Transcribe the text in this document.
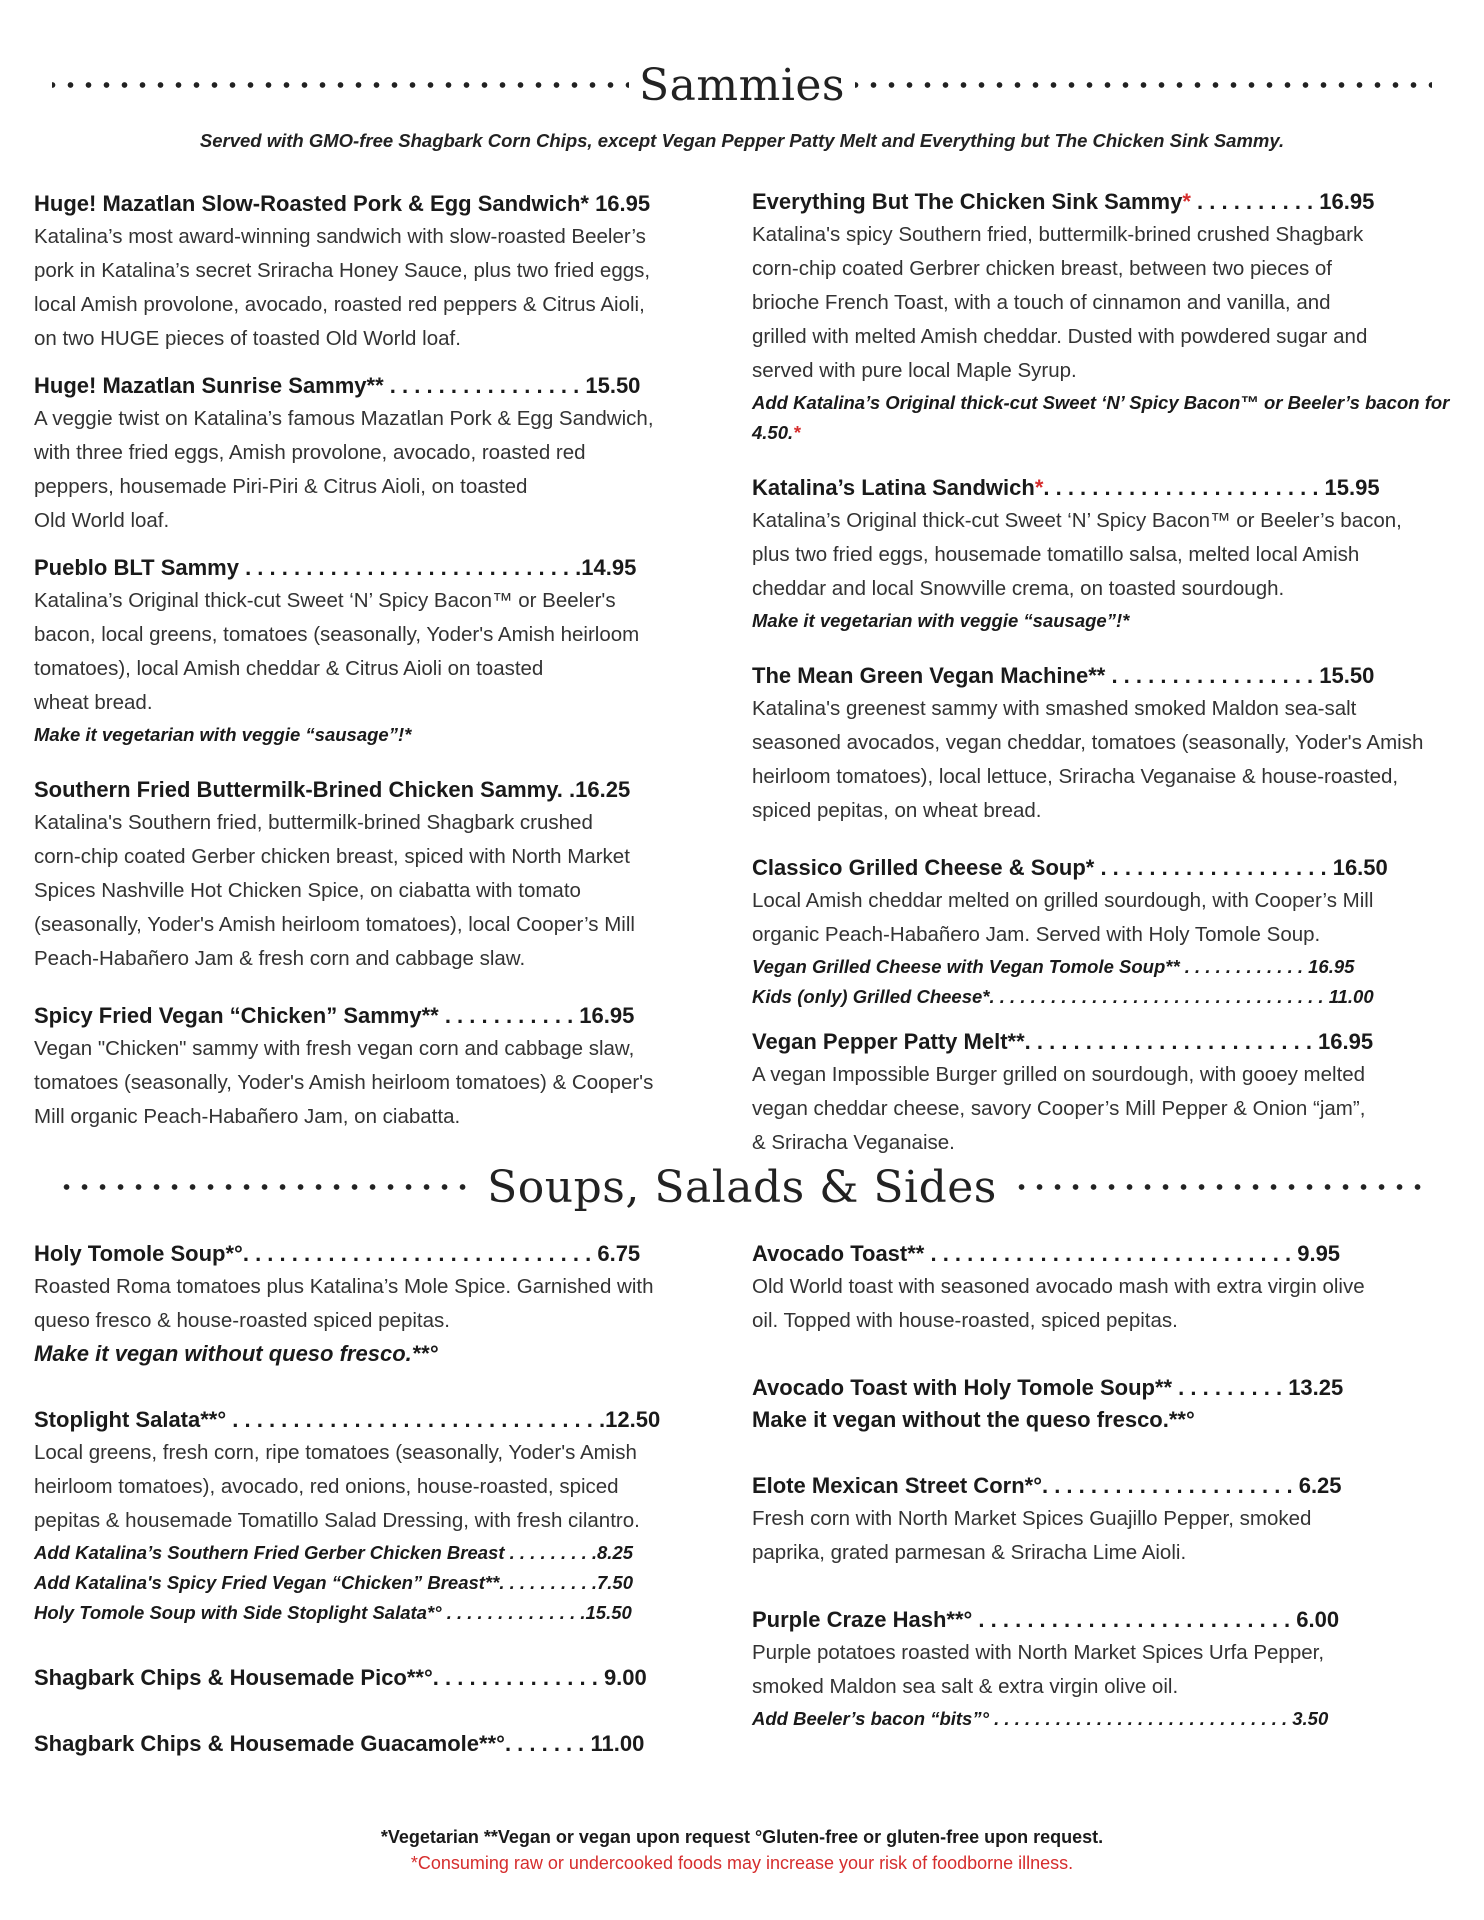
Sammies
Served with GMO-free Shagbark Corn Chips, except Vegan Pepper Patty Melt and Everything but The Chicken Sink Sammy.
Huge! Mazatlan Slow-Roasted Pork & Egg Sandwich* 16.95
Katalina’s most award-winning sandwich with slow-roasted Beeler’s
pork in Katalina’s secret Sriracha Honey Sauce, plus two fried eggs,
local Amish provolone, avocado, roasted red peppers & Citrus Aioli,
on two HUGE pieces of toasted Old World loaf.
Huge! Mazatlan Sunrise Sammy** . . . . . . . . . . . . . . . . 15.50
A veggie twist on Katalina’s famous Mazatlan Pork & Egg Sandwich,
with three fried eggs, Amish provolone, avocado, roasted red
peppers, housemade Piri-Piri & Citrus Aioli, on toasted
Old World loaf.
Pueblo BLT Sammy . . . . . . . . . . . . . . . . . . . . . . . . . . . .14.95
Katalina’s Original thick-cut Sweet ‘N’ Spicy Bacon™ or Beeler's
bacon, local greens, tomatoes (seasonally, Yoder's Amish heirloom
tomatoes), local Amish cheddar & Citrus Aioli on toasted
wheat bread.
Make it vegetarian with veggie “sausage”!*
Southern Fried Buttermilk-Brined Chicken Sammy. .16.25
Katalina's Southern fried, buttermilk-brined Shagbark crushed
corn-chip coated Gerber chicken breast, spiced with North Market
Spices Nashville Hot Chicken Spice, on ciabatta with tomato
(seasonally, Yoder's Amish heirloom tomatoes), local Cooper’s Mill
Peach-Habañero Jam & fresh corn and cabbage slaw.
Spicy Fried Vegan “Chicken” Sammy** . . . . . . . . . . . 16.95
Vegan "Chicken" sammy with fresh vegan corn and cabbage slaw,
tomatoes (seasonally, Yoder's Amish heirloom tomatoes) & Cooper's
Mill organic Peach-Habañero Jam, on ciabatta.
Everything But The Chicken Sink Sammy* . . . . . . . . . . 16.95
Katalina's spicy Southern fried, buttermilk-brined crushed Shagbark
corn-chip coated Gerbrer chicken breast, between two pieces of
brioche French Toast, with a touch of cinnamon and vanilla, and
grilled with melted Amish cheddar. Dusted with powdered sugar and
served with pure local Maple Syrup.
Add Katalina’s Original thick-cut Sweet ‘N’ Spicy Bacon™ or Beeler’s bacon for 4.50.*
Katalina’s Latina Sandwich*. . . . . . . . . . . . . . . . . . . . . . . 15.95
Katalina’s Original thick-cut Sweet ‘N’ Spicy Bacon™ or Beeler’s bacon,
plus two fried eggs, housemade tomatillo salsa, melted local Amish
cheddar and local Snowville crema, on toasted sourdough.
Make it vegetarian with veggie “sausage”!*
The Mean Green Vegan Machine** . . . . . . . . . . . . . . . . . 15.50
Katalina's greenest sammy with smashed smoked Maldon sea-salt
seasoned avocados, vegan cheddar, tomatoes (seasonally, Yoder's Amish
heirloom tomatoes), local lettuce, Sriracha Veganaise & house-roasted,
spiced pepitas, on wheat bread.
Classico Grilled Cheese & Soup* . . . . . . . . . . . . . . . . . . . 16.50
Local Amish cheddar melted on grilled sourdough, with Cooper’s Mill
organic Peach-Habañero Jam. Served with Holy Tomole Soup.
Vegan Grilled Cheese with Vegan Tomole Soup** . . . . . . . . . . . . 16.95
Kids (only) Grilled Cheese*. . . . . . . . . . . . . . . . . . . . . . . . . . . . . . . . . 11.00
Vegan Pepper Patty Melt**. . . . . . . . . . . . . . . . . . . . . . . . 16.95
A vegan Impossible Burger grilled on sourdough, with gooey melted
vegan cheddar cheese, savory Cooper’s Mill Pepper & Onion “jam”,
& Sriracha Veganaise.
Soups, Salads & Sides
Holy Tomole Soup*°. . . . . . . . . . . . . . . . . . . . . . . . . . . . . 6.75
Roasted Roma tomatoes plus Katalina’s Mole Spice. Garnished with
queso fresco & house-roasted spiced pepitas.
Make it vegan without queso fresco.**°
Stoplight Salata**° . . . . . . . . . . . . . . . . . . . . . . . . . . . . . . .12.50
Local greens, fresh corn, ripe tomatoes (seasonally, Yoder's Amish
heirloom tomatoes), avocado, red onions, house-roasted, spiced
pepitas & housemade Tomatillo Salad Dressing, with fresh cilantro.
Add Katalina’s Southern Fried Gerber Chicken Breast . . . . . . . . .8.25
Add Katalina's Spicy Fried Vegan “Chicken” Breast**. . . . . . . . . .7.50
Holy Tomole Soup with Side Stoplight Salata*° . . . . . . . . . . . . . .15.50
Shagbark Chips & Housemade Pico**°. . . . . . . . . . . . . . 9.00
Shagbark Chips & Housemade Guacamole**°. . . . . . . 11.00
Avocado Toast** . . . . . . . . . . . . . . . . . . . . . . . . . . . . . . 9.95
Old World toast with seasoned avocado mash with extra virgin olive
oil. Topped with house-roasted, spiced pepitas.
Avocado Toast with Holy Tomole Soup** . . . . . . . . . 13.25
Make it vegan without the queso fresco.**°
Elote Mexican Street Corn*°. . . . . . . . . . . . . . . . . . . . . 6.25
Fresh corn with North Market Spices Guajillo Pepper, smoked
paprika, grated parmesan & Sriracha Lime Aioli.
Purple Craze Hash**° . . . . . . . . . . . . . . . . . . . . . . . . . . 6.00
Purple potatoes roasted with North Market Spices Urfa Pepper,
smoked Maldon sea salt & extra virgin olive oil.
Add Beeler’s bacon “bits”° . . . . . . . . . . . . . . . . . . . . . . . . . . . . . 3.50
*Vegetarian **Vegan or vegan upon request °Gluten-free or gluten-free upon request.
*Consuming raw or undercooked foods may increase your risk of foodborne illness.
